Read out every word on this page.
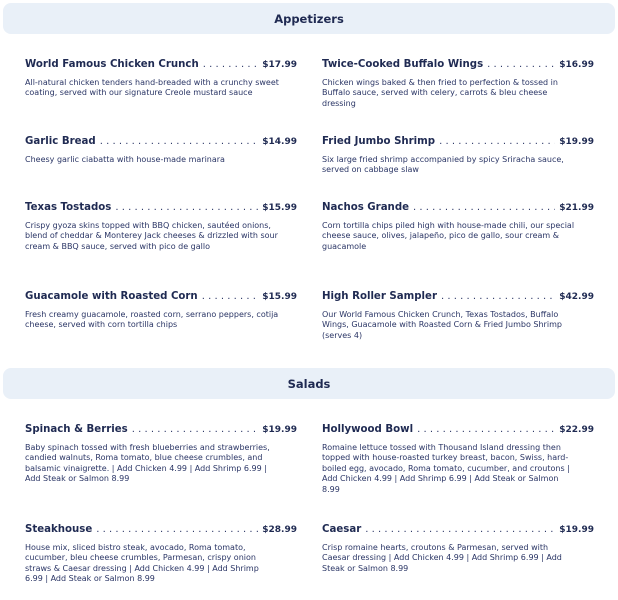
Appetizers
World Famous Chicken Crunch .....	$17.99
All-natural chicken tenders hand-breaded with a crunchy sweet coating, served with our signature Creole mustard sauce
Twice-Cooked Buffalo Wings .....	$16.99
Chicken wings baked & then fried to perfection & tossed in Buffalo sauce, served with celery, carrots & bleu cheese dressing
Garlic Bread .....	$14.99
Cheesy garlic ciabatta with house-made marinara
Fried Jumbo Shrimp .....	$19.99
Six large fried shrimp accompanied by spicy Sriracha sauce, served on cabbage slaw
Texas Tostados .....	$15.99
Crispy gyoza skins topped with BBQ chicken, sautéed onions, blend of cheddar & Monterey Jack cheeses & drizzled with sour cream & BBQ sauce, served with pico de gallo
Nachos Grande .....	$21.99
Corn tortilla chips piled high with house-made chili, our special cheese sauce, olives, jalapeño, pico de gallo, sour cream & guacamole
Guacamole with Roasted Corn .....	$15.99
Fresh creamy guacamole, roasted corn, serrano peppers, cotija cheese, served with corn tortilla chips
High Roller Sampler .....	$42.99
Our World Famous Chicken Crunch, Texas Tostados, Buffalo Wings, Guacamole with Roasted Corn & Fried Jumbo Shrimp (serves 4)
Salads
Spinach & Berries .....	$19.99
Baby spinach tossed with fresh blueberries and strawberries, candied walnuts, Roma tomato, blue cheese crumbles, and balsamic vinaigrette. | Add Chicken 4.99 | Add Shrimp 6.99 | Add Steak or Salmon 8.99
Hollywood Bowl .....	$22.99
Romaine lettuce tossed with Thousand Island dressing then topped with house-roasted turkey breast, bacon, Swiss, hard-boiled egg, avocado, Roma tomato, cucumber, and croutons | Add Chicken 4.99 | Add Shrimp 6.99 | Add Steak or Salmon 8.99
Steakhouse .....	$28.99
House mix, sliced bistro steak, avocado, Roma tomato, cucumber, bleu cheese crumbles, Parmesan, crispy onion straws & Caesar dressing | Add Chicken 4.99 | Add Shrimp 6.99 | Add Steak or Salmon 8.99
Caesar .....	$19.99
Crisp romaine hearts, croutons & Parmesan, served with Caesar dressing | Add Chicken 4.99 | Add Shrimp 6.99 | Add Steak or Salmon 8.99
